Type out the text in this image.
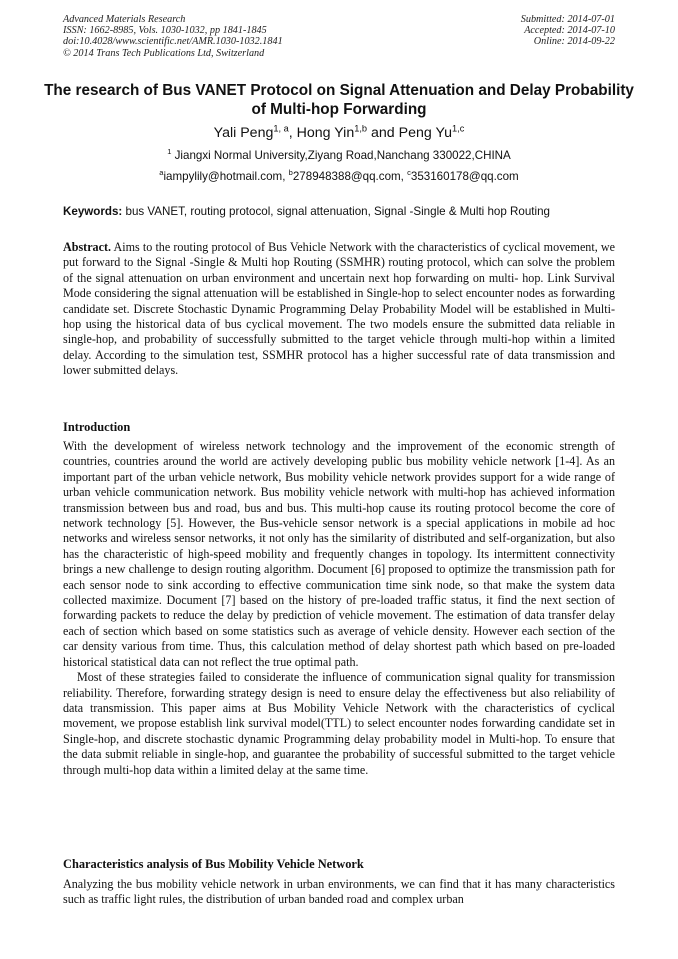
Advanced Materials Research
ISSN: 1662-8985, Vols. 1030-1032, pp 1841-1845
doi:10.4028/www.scientific.net/AMR.1030-1032.1841
© 2014 Trans Tech Publications Ltd, Switzerland
Submitted: 2014-07-01
Accepted: 2014-07-10
Online: 2014-09-22
The research of Bus VANET Protocol on Signal Attenuation and Delay Probability of Multi-hop Forwarding
Yali Peng$^{1, a}$, Hong Yin$^{1,b}$ and Peng Yu$^{1,c}$
$^1$ Jiangxi Normal University,Ziyang Road,Nanchang 330022,CHINA
$^a$iampylily@hotmail.com, $^b$278948388@qq.com, $^c$353160178@qq.com
Keywords: bus VANET, routing protocol, signal attenuation, Signal -Single & Multi hop Routing

Abstract. Aims to the routing protocol of Bus Vehicle Network with the characteristics of cyclical movement, we put forward to the Signal -Single & Multi hop Routing (SSMHR) routing protocol, which can solve the problem of the signal attenuation on urban environment and uncertain next hop forwarding on multi- hop. Link Survival Mode considering the signal attenuation will be established in Single-hop to select encounter nodes as forwarding candidate set. Discrete Stochastic Dynamic Programming Delay Probability Model will be established in Multi-hop using the historical data of bus cyclical movement. The two models ensure the submitted data reliable in single-hop, and probability of successfully submitted to the target vehicle through multi-hop within a limited delay. According to the simulation test, SSMHR protocol has a higher successful rate of data transmission and lower submitted delays.

Introduction

With the development of wireless network technology and the improvement of the economic strength of countries, countries around the world are actively developing public bus mobility vehicle network [1-4]. As an important part of the urban vehicle network, Bus mobility vehicle network provides support for a wide range of urban vehicle communication network. Bus mobility vehicle network with multi-hop has achieved information transmission between bus and road, bus and bus. This multi-hop cause its routing protocol become the core of network technology [5]. However, the Bus-vehicle sensor network is a special applications in mobile ad hoc networks and wireless sensor networks, it not only has the similarity of distributed and self-organization, but also has the characteristic of high-speed mobility and frequently changes in topology. Its intermittent connectivity brings a new challenge to design routing algorithm. Document [6] proposed to optimize the transmission path for each sensor node to sink according to effective communication time sink node, so that make the system data collected maximize. Document [7] based on the history of pre-loaded traffic status, it find the next section of forwarding packets to reduce the delay by prediction of vehicle movement. The estimation of data transfer delay each of section which based on some statistics such as average of vehicle density. However each section of the car density various from time. Thus, this calculation method of delay shortest path which based on pre-loaded historical statistical data can not reflect the true optimal path.

Most of these strategies failed to considerate the influence of communication signal quality for transmission reliability. Therefore, forwarding strategy design is need to ensure delay the effectiveness but also reliability of data transmission. This paper aims at Bus Mobility Vehicle Network with the characteristics of cyclical movement, we propose establish link survival model(TTL) to select encounter nodes forwarding candidate set in Single-hop, and discrete stochastic dynamic Programming delay probability model in Multi-hop. To ensure that the data submit reliable in single-hop, and guarantee the probability of successful submitted to the target vehicle through multi-hop data within a limited delay at the same time.

Characteristics analysis of Bus Mobility Vehicle Network

Analyzing the bus mobility vehicle network in urban environments, we can find that it has many characteristics such as traffic light rules, the distribution of urban banded road and complex urban
